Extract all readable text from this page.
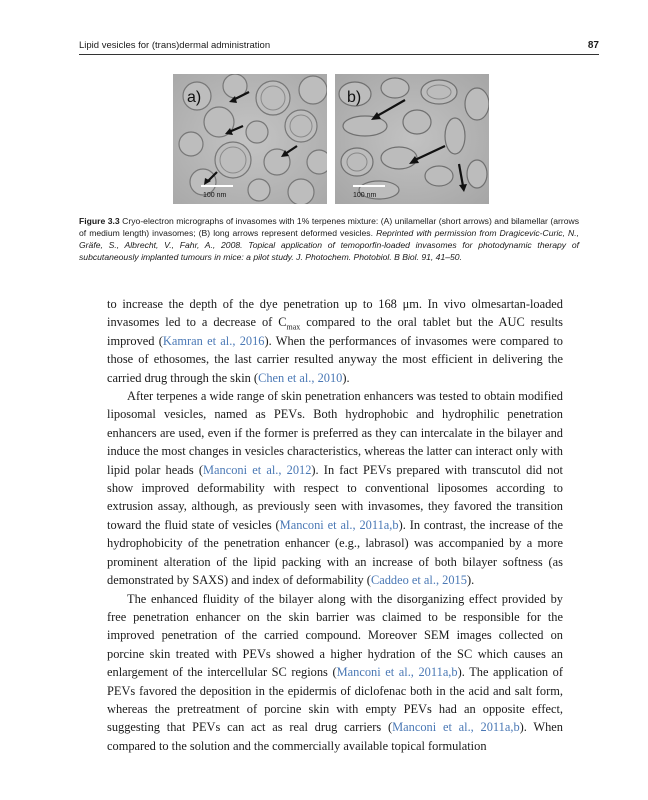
Lipid vesicles for (trans)dermal administration	87
a)
100 nm
b)
100 nm
Figure 3.3 Cryo-electron micrographs of invasomes with 1% terpenes mixture: (A) unilamellar (short arrows) and bilamellar (arrows of medium length) invasomes; (B) long arrows represent deformed vesicles. Reprinted with permission from Dragicevic-Curic, N., Gräfe, S., Albrecht, V., Fahr, A., 2008. Topical application of temoporfin-loaded invasomes for photodynamic therapy of subcutaneously implanted tumours in mice: a pilot study. J. Photochem. Photobiol. B Biol. 91, 41–50.

to increase the depth of the dye penetration up to 168 μm. In vivo olmesartan-loaded invasomes led to a decrease of $C_{max}$ compared to the oral tablet but the AUC results improved (Kamran et al., 2016). When the performances of invasomes were compared to those of ethosomes, the last carrier resulted anyway the most efficient in delivering the carried drug through the skin (Chen et al., 2010).

After terpenes a wide range of skin penetration enhancers was tested to obtain modified liposomal vesicles, named as PEVs. Both hydrophobic and hydrophilic penetration enhancers are used, even if the former is preferred as they can intercalate in the bilayer and induce the most changes in vesicles characteristics, whereas the latter can interact only with lipid polar heads (Manconi et al., 2012). In fact PEVs prepared with transcutol did not show improved deformability with respect to conventional liposomes according to extrusion assay, although, as previously seen with invasomes, they favored the transition toward the fluid state of vesicles (Manconi et al., 2011a,b). In contrast, the increase of the hydrophobicity of the penetration enhancer (e.g., labrasol) was accompanied by a more prominent alteration of the lipid packing with an increase of both bilayer softness (as demonstrated by SAXS) and index of deformability (Caddeo et al., 2015).

The enhanced fluidity of the bilayer along with the disorganizing effect provided by free penetration enhancer on the skin barrier was claimed to be responsible for the improved penetration of the carried compound. Moreover SEM images collected on porcine skin treated with PEVs showed a higher hydration of the SC which causes an enlargement of the intercellular SC regions (Manconi et al., 2011a,b). The application of PEVs favored the deposition in the epidermis of diclofenac both in the acid and salt form, whereas the pretreatment of porcine skin with empty PEVs had an opposite effect, suggesting that PEVs can act as real drug carriers (Manconi et al., 2011a,b). When compared to the solution and the commercially available topical formulation
